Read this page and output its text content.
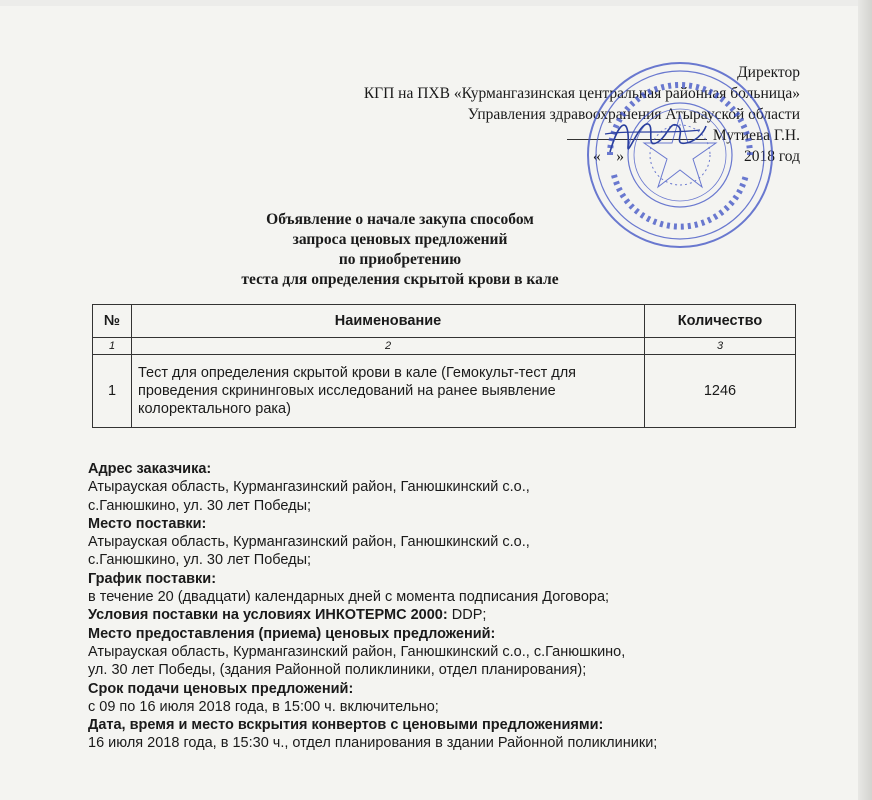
Директор
КГП на ПХВ «Курмангазинская центральная районная больница»
Управления здравоохранения Атырауской области
Мутиева Г.Н.
« »	2018 год
Объявление о начале закупа способом
запроса ценовых предложений
по приобретению
теста для определения скрытой крови в кале
№	Наименование	Количество
1	2	3
1	Тест для определения скрытой крови в кале (Гемокульт-тест для проведения скрининговых исследований на ранее выявление колоректального рака)	1246
Адрес заказчика:
Атырауская область, Курмангазинский район, Ганюшкинский с.о.,
с.Ганюшкино, ул. 30 лет Победы;
Место поставки:
Атырауская область, Курмангазинский район, Ганюшкинский с.о.,
с.Ганюшкино, ул. 30 лет Победы;
График поставки:
в течение 20 (двадцати) календарных дней с момента подписания Договора;
Условия поставки на условиях ИНКОТЕРМС 2000: DDP;
Место предоставления (приема) ценовых предложений:
Атырауская область, Курмангазинский район, Ганюшкинский с.о., с.Ганюшкино,
ул. 30 лет Победы, (здания Районной поликлиники, отдел планирования);
Срок подачи ценовых предложений:
с 09 по 16 июля 2018 года, в 15:00 ч. включительно;
Дата, время и место вскрытия конвертов с ценовыми предложениями:
16 июля 2018 года, в 15:30 ч., отдел планирования в здании Районной поликлиники;
